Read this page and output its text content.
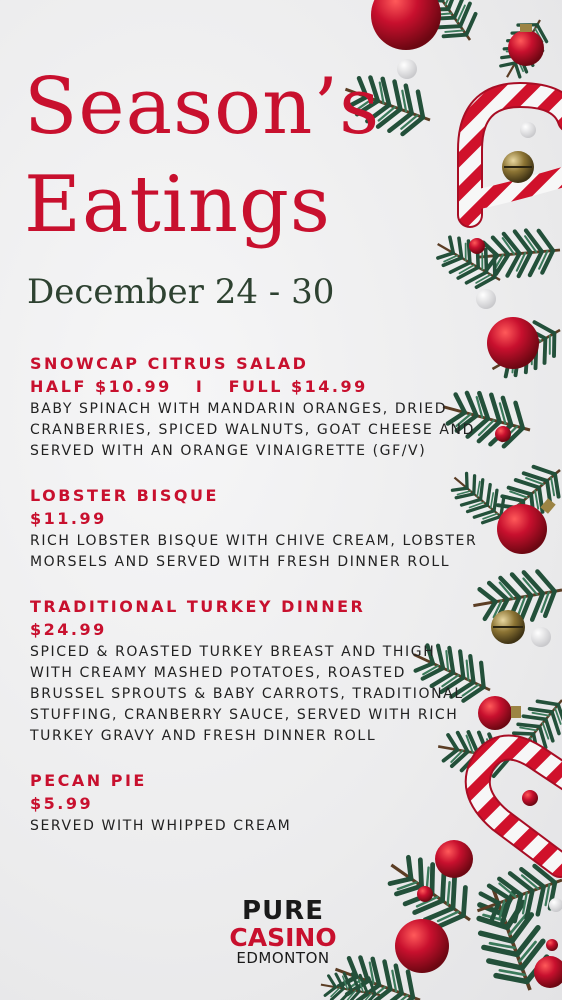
Season’s
Eatings
December 24 - 30
SNOWCAP CITRUS SALAD
HALF $10.99   I   FULL $14.99
BABY SPINACH WITH MANDARIN ORANGES, DRIED CRANBERRIES, SPICED WALNUTS, GOAT CHEESE AND SERVED WITH AN ORANGE VINAIGRETTE (GF/V)
LOBSTER BISQUE
$11.99
RICH LOBSTER BISQUE WITH CHIVE CREAM, LOBSTER MORSELS AND SERVED WITH FRESH DINNER ROLL
TRADITIONAL TURKEY DINNER
$24.99
SPICED & ROASTED TURKEY BREAST AND THIGH WITH CREAMY MASHED POTATOES, ROASTED BRUSSEL SPROUTS & BABY CARROTS, TRADITIONAL STUFFING, CRANBERRY SAUCE, SERVED WITH RICH TURKEY GRAVY AND FRESH DINNER ROLL
PECAN PIE
$5.99
SERVED WITH WHIPPED CREAM
PURE
CASINO
EDMONTON
